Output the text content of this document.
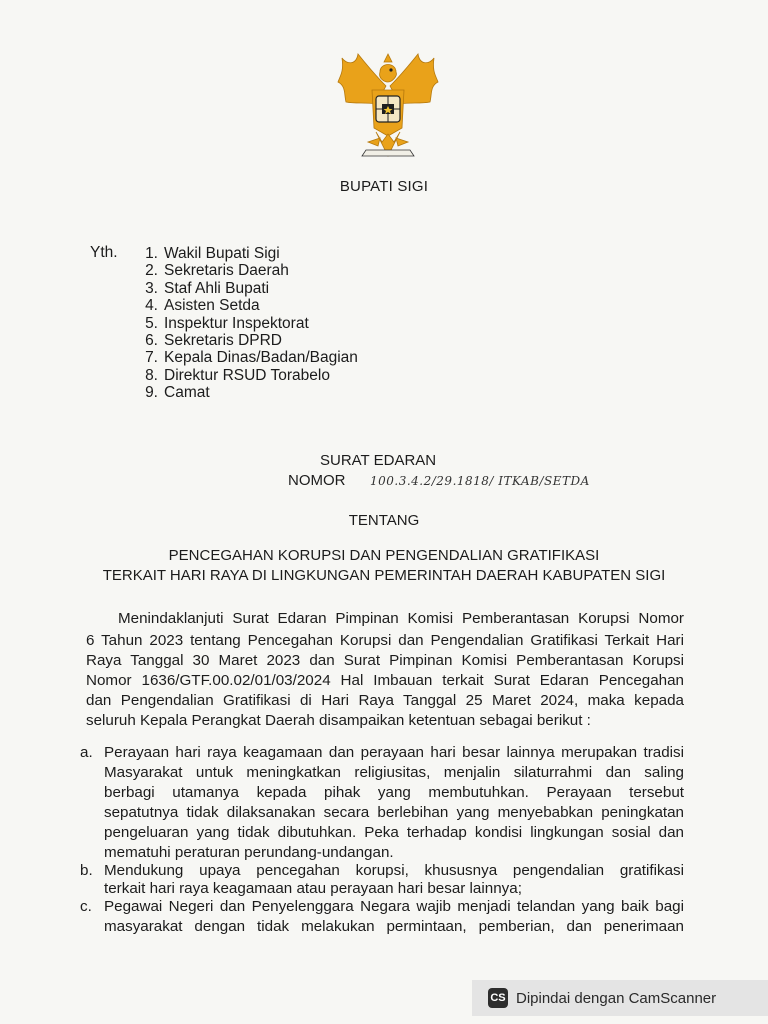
BUPATI SIGI
Yth.	1. Wakil Bupati Sigi
2. Sekretaris Daerah
3. Staf Ahli Bupati
4. Asisten Setda
5. Inspektur Inspektorat
6. Sekretaris DPRD
7. Kepala Dinas/Badan/Bagian
8. Direktur RSUD Torabelo
9. Camat
SURAT EDARAN
NOMOR 100.3.4.2/29.1818/ ITKAB/SETDA
TENTANG
PENCEGAHAN KORUPSI DAN PENGENDALIAN GRATIFIKASI
TERKAIT HARI RAYA DI LINGKUNGAN PEMERINTAH DAERAH KABUPATEN SIGI
Menindaklanjuti Surat Edaran Pimpinan Komisi Pemberantasan Korupsi Nomor
6 Tahun 2023 tentang Pencegahan Korupsi dan Pengendalian Gratifikasi Terkait Hari
Raya Tanggal 30 Maret 2023 dan Surat Pimpinan Komisi Pemberantasan Korupsi
Nomor 1636/GTF.00.02/01/03/2024 Hal Imbauan terkait Surat Edaran Pencegahan
dan Pengendalian Gratifikasi di Hari Raya Tanggal 25 Maret 2024, maka kepada
seluruh Kepala Perangkat Daerah disampaikan ketentuan sebagai berikut :
a. Perayaan hari raya keagamaan dan perayaan hari besar lainnya merupakan tradisi
Masyarakat untuk meningkatkan religiusitas, menjalin silaturrahmi dan saling
berbagi utamanya kepada pihak yang membutuhkan. Perayaan tersebut
sepatutnya tidak dilaksanakan secara berlebihan yang menyebabkan peningkatan
pengeluaran yang tidak dibutuhkan. Peka terhadap kondisi lingkungan sosial dan
mematuhi peraturan perundang-undangan.
b. Mendukung upaya pencegahan korupsi, khususnya pengendalian gratifikasi
terkait hari raya keagamaan atau perayaan hari besar lainnya;
c. Pegawai Negeri dan Penyelenggara Negara wajib menjadi telandan yang baik bagi
masyarakat dengan tidak melakukan permintaan, pemberian, dan penerimaan
CS Dipindai dengan CamScanner
